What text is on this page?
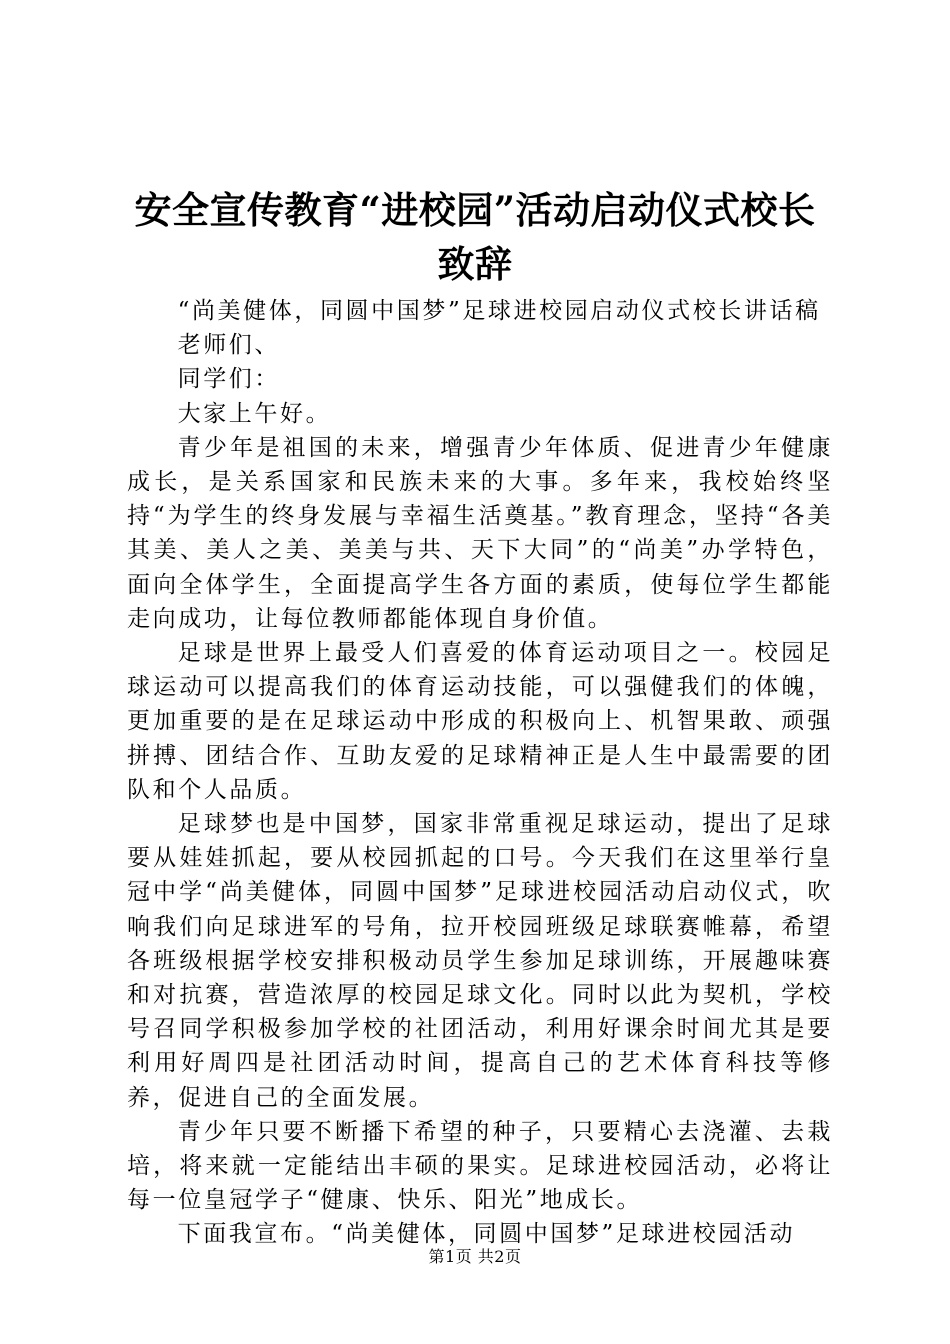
安全宣传教育“进校园”活动启动仪式校长致辞

“尚美健体，同圆中国梦”足球进校园启动仪式校长讲话稿

老师们、

同学们：

大家上午好。

青少年是祖国的未来，增强青少年体质、促进青少年健康成长，是关系国家和民族未来的大事。多年来，我校始终坚持“为学生的终身发展与幸福生活奠基。”教育理念，坚持“各美其美、美人之美、美美与共、天下大同”的“尚美”办学特色，面向全体学生，全面提高学生各方面的素质，使每位学生都能走向成功，让每位教师都能体现自身价值。

足球是世界上最受人们喜爱的体育运动项目之一。校园足球运动可以提高我们的体育运动技能，可以强健我们的体魄，更加重要的是在足球运动中形成的积极向上、机智果敢、顽强拼搏、团结合作、互助友爱的足球精神正是人生中最需要的团队和个人品质。

足球梦也是中国梦，国家非常重视足球运动，提出了足球要从娃娃抓起，要从校园抓起的口号。今天我们在这里举行皇冠中学“尚美健体，同圆中国梦”足球进校园活动启动仪式，吹响我们向足球进军的号角，拉开校园班级足球联赛帷幕，希望各班级根据学校安排积极动员学生参加足球训练，开展趣味赛和对抗赛，营造浓厚的校园足球文化。同时以此为契机，学校号召同学积极参加学校的社团活动，利用好课余时间尤其是要利用好周四是社团活动时间，提高自己的艺术体育科技等修养，促进自己的全面发展。

青少年只要不断播下希望的种子，只要精心去浇灌、去栽培，将来就一定能结出丰硕的果实。足球进校园活动，必将让每一位皇冠学子“健康、快乐、阳光”地成长。

下面我宣布。“尚美健体，同圆中国梦”足球进校园活动

第1页 共2页
